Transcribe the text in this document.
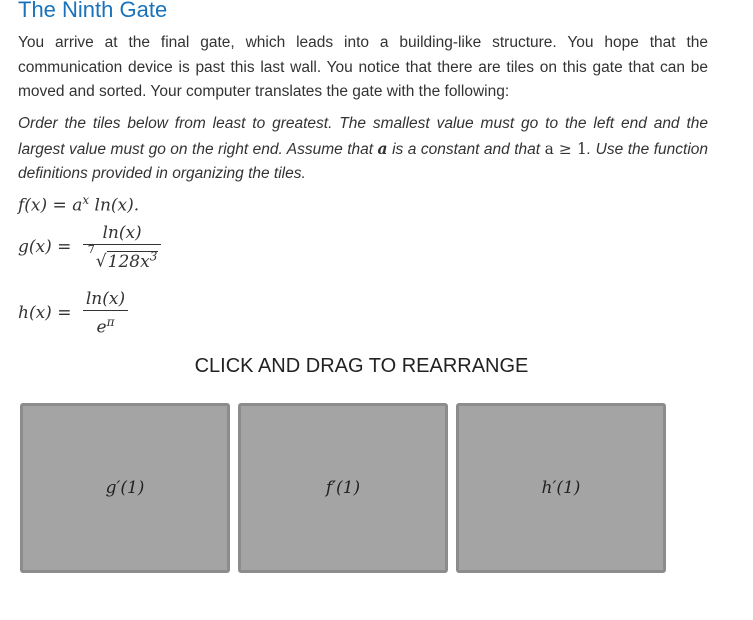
The Ninth Gate

You arrive at the final gate, which leads into a building-like structure. You hope that the communication device is past this last wall. You notice that there are tiles on this gate that can be moved and sorted. Your computer translates the gate with the following:

Order the tiles below from least to greatest. The smallest value must go to the left end and the largest value must go on the right end. Assume that a is a constant and that a ≥ 1. Use the function definitions provided in organizing the tiles.

$f(x) = a^x$ ln(x).
g(x) = ln(x)
7
$√128x^3$
$h(x) = \frac{\ln(x)}{e^\pi}$

CLICK AND DRAG TO REARRANGE

g′(1)	f′(1)	h′(1)
